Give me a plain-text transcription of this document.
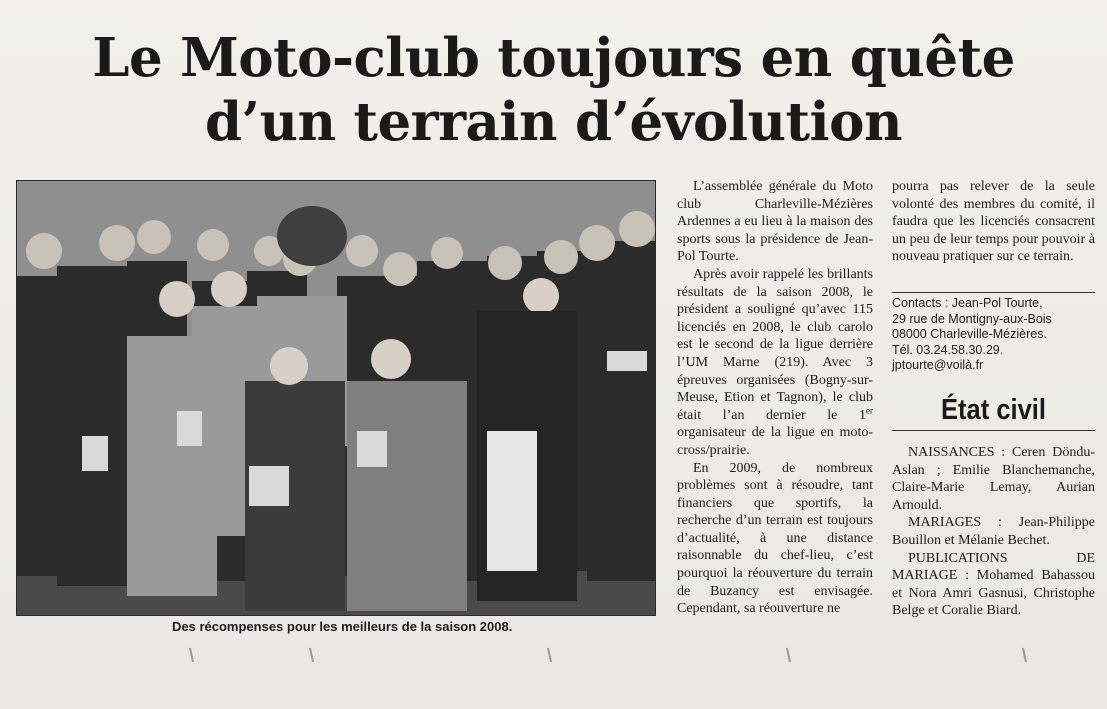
Le Moto-club toujours en quête
d’un terrain d’évolution
Des récompenses pour les meilleurs de la saison 2008.

L’assemblée générale du Moto club Charleville-Mézières Ardennes a eu lieu à la maison des sports sous la présidence de Jean-Pol Tourte.

Après avoir rappelé les brillants résultats de la saison 2008, le président a souligné qu’avec 115 licenciés en 2008, le club carolo est le second de la ligue derrière l’UM Marne (219). Avec 3 épreuves organisées (Bogny-sur-Meuse, Etion et Tagnon), le club était l’an dernier le 1er organisateur de la ligue en moto-cross/prairie.

En 2009, de nombreux problèmes sont à résoudre, tant financiers que sportifs, la recherche d’un terrain est toujours d’actualité, à une distance raisonnable du chef-lieu, c’est pourquoi la réouverture du terrain de Buzancy est envisagée. Cependant, sa réouverture ne

pourra pas relever de la seule volonté des membres du comité, il faudra que les licenciés consacrent un peu de leur temps pour pouvoir à nouveau pratiquer sur ce terrain.

Contacts : Jean-Pol Tourte,
29 rue de Montigny-aux-Bois
08000 Charleville-Mézières.
Tél. 03.24.58.30.29.
jptourte@voilà.fr
État civil

NAISSANCES : Ceren Döndu-Aslan ; Emilie Blanchemanche, Claire-Marie Lemay, Aurian Arnould.

MARIAGES : Jean-Philippe Bouillon et Mélanie Bechet.

PUBLICATIONS DE MARIAGE : Mohamed Bahassou et Nora Amri Gasnusi, Christophe Belge et Coralie Biard.
